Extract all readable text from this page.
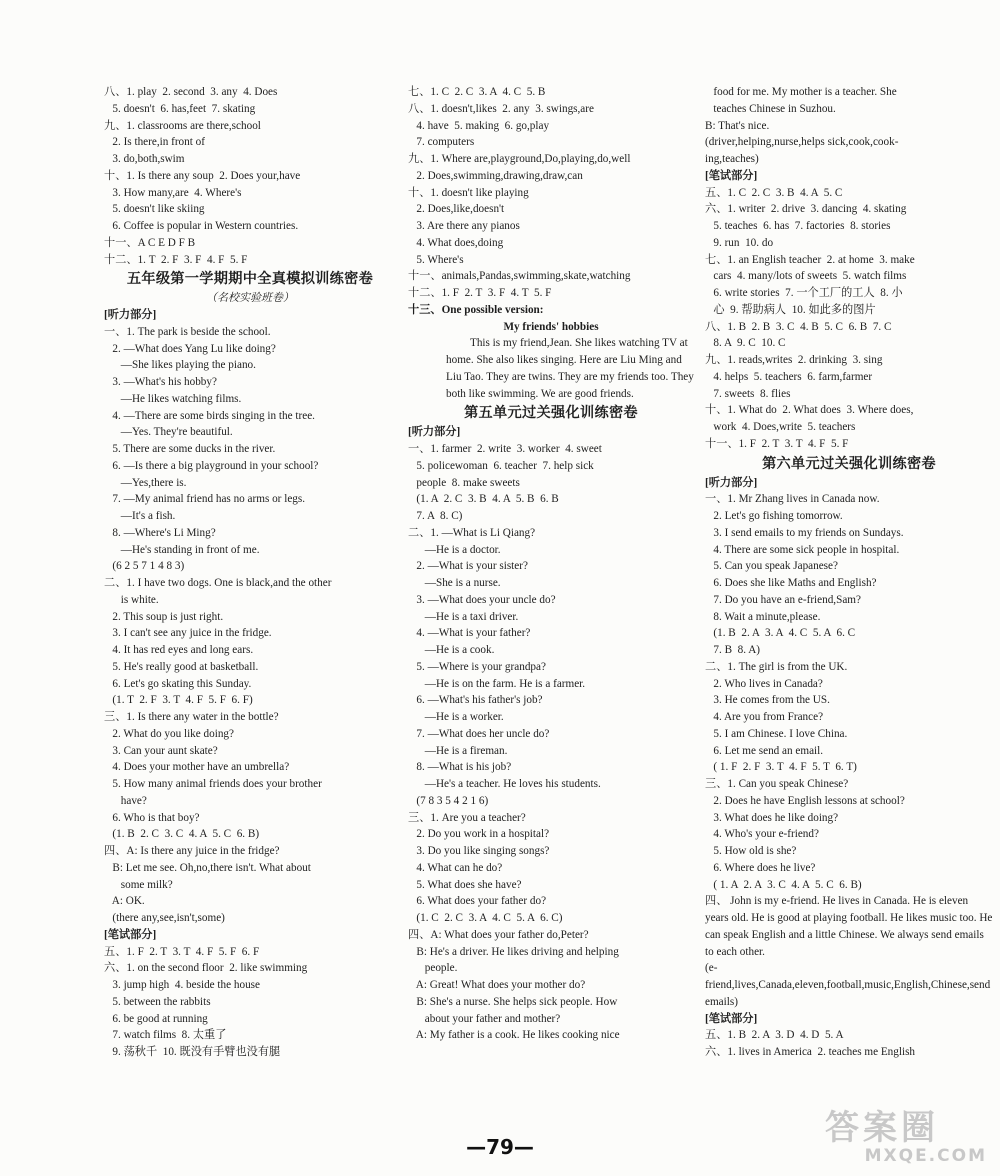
八、1. play  2. second  3. any  4. Does
5. doesn't  6. has,feet  7. skating
九、1. classrooms are there,school
2. Is there,in front of
3. do,both,swim
十、1. Is there any soup  2. Does your,have
3. How many,are  4. Where's
5. doesn't like skiing
6. Coffee is popular in Western countries.
十一、A C E D F B
十二、1. T  2. F  3. F  4. F  5. F
五年级第一学期期中全真模拟训练密卷
（名校实验班卷）
[听力部分]
一、1. The park is beside the school.
2. —What does Yang Lu like doing?
—She likes playing the piano.
3. —What's his hobby?
—He likes watching films.
4. —There are some birds singing in the tree.
—Yes. They're beautiful.
5. There are some ducks in the river.
6. —Is there a big playground in your school?
—Yes,there is.
7. —My animal friend has no arms or legs.
—It's a fish.
8. —Where's Li Ming?
—He's standing in front of me.
(6 2 5 7 1 4 8 3)
二、1. I have two dogs. One is black,and the other
is white.
2. This soup is just right.
3. I can't see any juice in the fridge.
4. It has red eyes and long ears.
5. He's really good at basketball.
6. Let's go skating this Sunday.
(1. T  2. F  3. T  4. F  5. F  6. F)
三、1. Is there any water in the bottle?
2. What do you like doing?
3. Can your aunt skate?
4. Does your mother have an umbrella?
5. How many animal friends does your brother
have?
6. Who is that boy?
(1. B  2. C  3. C  4. A  5. C  6. B)
四、A: Is there any juice in the fridge?
B: Let me see. Oh,no,there isn't. What about
some milk?
A: OK.
(there any,see,isn't,some)
[笔试部分]
五、1. F  2. T  3. T  4. F  5. F  6. F
六、1. on the second floor  2. like swimming
3. jump high  4. beside the house
5. between the rabbits
6. be good at running
7. watch films  8. 太重了
9. 荡秋千  10. 既没有手臂也没有腿
七、1. C  2. C  3. A  4. C  5. B
八、1. doesn't,likes  2. any  3. swings,are
4. have  5. making  6. go,play
7. computers
九、1. Where are,playground,Do,playing,do,well
2. Does,swimming,drawing,draw,can
十、1. doesn't like playing
2. Does,like,doesn't
3. Are there any pianos
4. What does,doing
5. Where's
十一、animals,Pandas,swimming,skate,watching
十二、1. F  2. T  3. F  4. T  5. F
十三、One possible version:
My friends' hobbies
This is my friend,Jean. She likes watching TV at home. She also likes singing. Here are Liu Ming and Liu Tao. They are twins. They are my friends too. They both like swimming. We are good friends.
第五单元过关强化训练密卷
[听力部分]
一、1. farmer  2. write  3. worker  4. sweet
5. policewoman  6. teacher  7. help sick
people  8. make sweets
(1. A  2. C  3. B  4. A  5. B  6. B
7. A  8. C)
二、1. —What is Li Qiang?
—He is a doctor.
2. —What is your sister?
—She is a nurse.
3. —What does your uncle do?
—He is a taxi driver.
4. —What is your father?
—He is a cook.
5. —Where is your grandpa?
—He is on the farm. He is a farmer.
6. —What's his father's job?
—He is a worker.
7. —What does her uncle do?
—He is a fireman.
8. —What is his job?
—He's a teacher. He loves his students.
(7 8 3 5 4 2 1 6)
三、1. Are you a teacher?
2. Do you work in a hospital?
3. Do you like singing songs?
4. What can he do?
5. What does she have?
6. What does your father do?
(1. C  2. C  3. A  4. C  5. A  6. C)
四、A: What does your father do,Peter?
B: He's a driver. He likes driving and helping
people.
A: Great! What does your mother do?
B: She's a nurse. She helps sick people. How
about your father and mother?
A: My father is a cook. He likes cooking nice
food for me. My mother is a teacher. She
teaches Chinese in Suzhou.
B: That's nice.
(driver,helping,nurse,helps sick,cook,cook-
ing,teaches)
[笔试部分]
五、1. C  2. C  3. B  4. A  5. C
六、1. writer  2. drive  3. dancing  4. skating
5. teaches  6. has  7. factories  8. stories
9. run  10. do
七、1. an English teacher  2. at home  3. make
cars  4. many/lots of sweets  5. watch films
6. write stories  7. 一个工厂的工人  8. 小
心  9. 帮助病人  10. 如此多的图片
八、1. B  2. B  3. C  4. B  5. C  6. B  7. C
8. A  9. C  10. C
九、1. reads,writes  2. drinking  3. sing
4. helps  5. teachers  6. farm,farmer
7. sweets  8. flies
十、1. What do  2. What does  3. Where does,
work  4. Does,write  5. teachers
十一、1. F  2. T  3. T  4. F  5. F
第六单元过关强化训练密卷
[听力部分]
一、1. Mr Zhang lives in Canada now.
2. Let's go fishing tomorrow.
3. I send emails to my friends on Sundays.
4. There are some sick people in hospital.
5. Can you speak Japanese?
6. Does she like Maths and English?
7. Do you have an e-friend,Sam?
8. Wait a minute,please.
(1. B  2. A  3. A  4. C  5. A  6. C
7. B  8. A)
二、1. The girl is from the UK.
2. Who lives in Canada?
3. He comes from the US.
4. Are you from France?
5. I am Chinese. I love China.
6. Let me send an email.
( 1. F  2. F  3. T  4. F  5. T  6. T)
三、1. Can you speak Chinese?
2. Does he have English lessons at school?
3. What does he like doing?
4. Who's your e-friend?
5. How old is she?
6. Where does he live?
( 1. A  2. A  3. C  4. A  5. C  6. B)
四、 John is my e-friend. He lives in Canada. He is eleven years old. He is good at playing football. He likes music too. He can speak English and a little Chinese. We always send emails to each other.
(e-friend,lives,Canada,eleven,football,music,English,Chinese,send emails)
[笔试部分]
五、1. B  2. A  3. D  4. D  5. A
六、1. lives in America  2. teaches me English
—79—	答案圈
MXQE.COM
